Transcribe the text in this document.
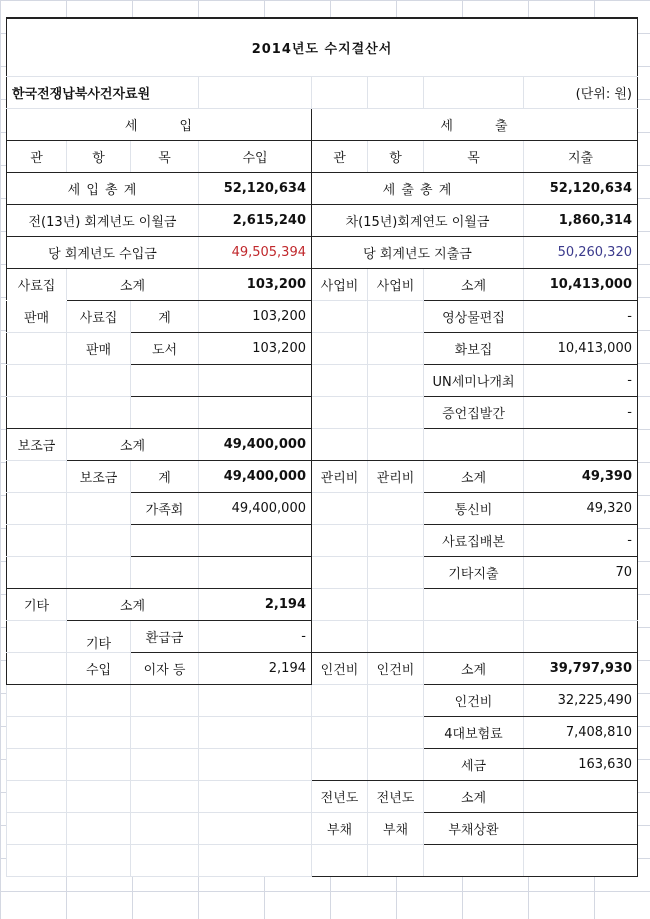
2014년도 수지결산서							
한국전쟁납북사건자료원							(단위: 원)
세        입				세        출			
관	항	목	수입	관	항	목	지출
세 입 총 계			52,120,634	세 출 총 계			52,120,634
전(13년) 회계년도 이월금			2,615,240	차(15년)회계연도 이월금			1,860,314
당 회계년도 수입금			49,505,394	당 회계년도 지출금			50,260,320
사료집	소계		103,200	사업비	사업비	소계	10,413,000
판매	사료집	계	103,200			영상물편집	-
	판매	도서	103,200			화보집	10,413,000
						UN세미나개최	-
						증언집발간	-
보조금	소계		49,400,000				
	보조금	계	49,400,000	관리비	관리비	소계	49,390
		가족회	49,400,000			통신비	49,320
						사료집배본	-
						기타지출	70
기타	소계		2,194				
	기타	환급금	-				
	수입	이자 등	2,194	인건비	인건비	소계	39,797,930
						인건비	32,225,490
						4대보험료	7,408,810
						세금	163,630
				전년도	전년도	소계	
				부채	부채	부채상환	
